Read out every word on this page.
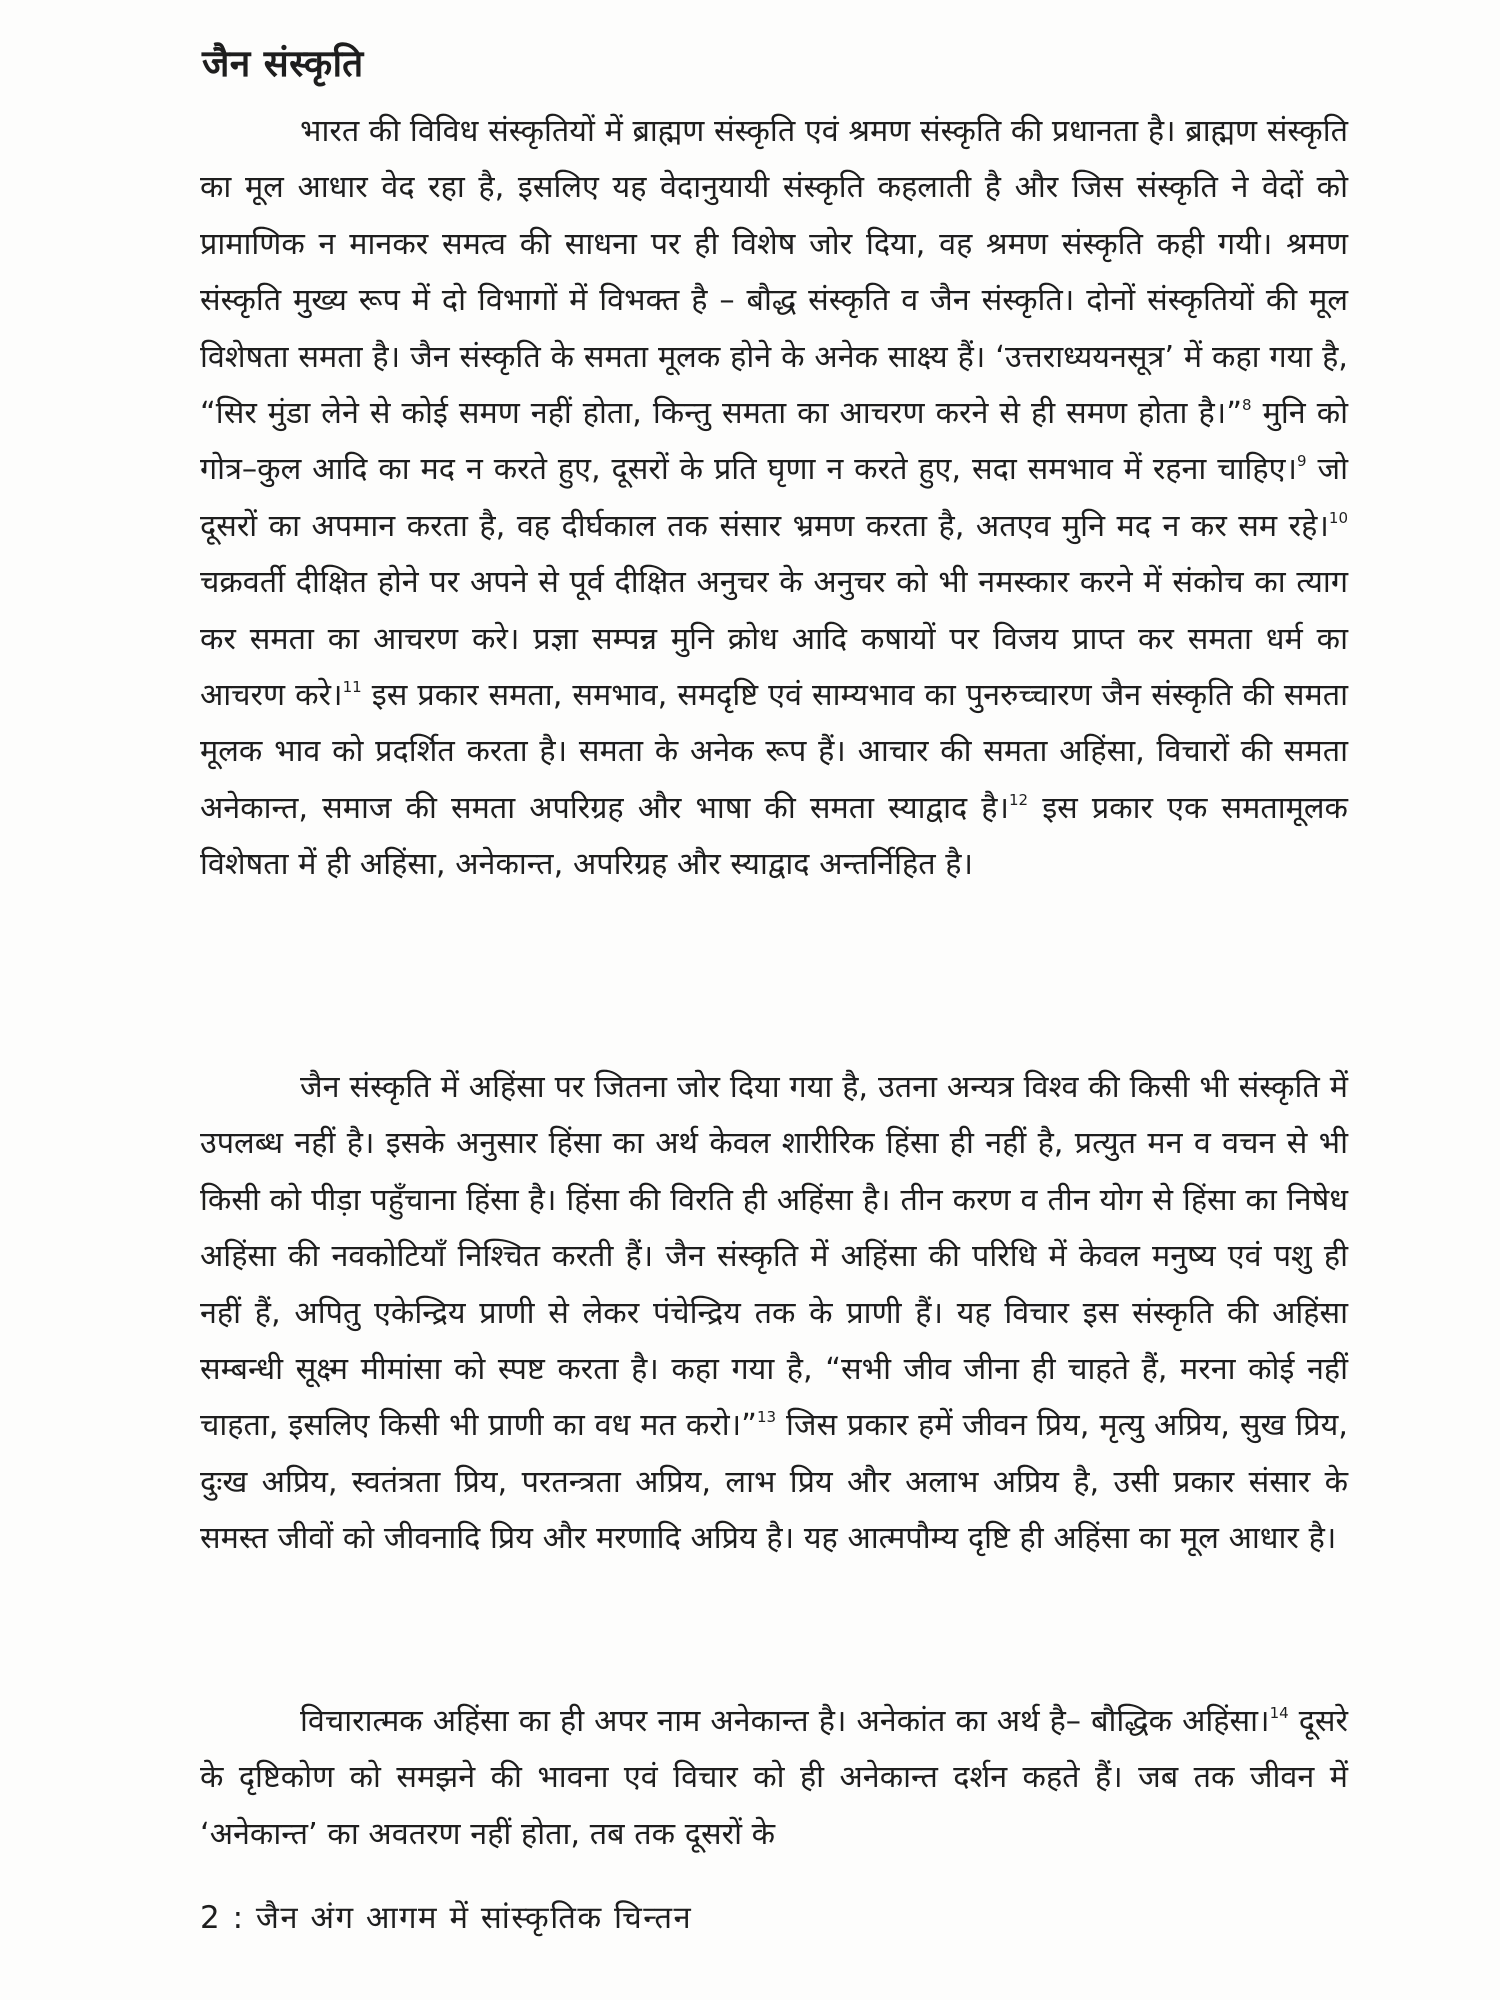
जैन संस्कृति

भारत की विविध संस्कृतियों में ब्राह्मण संस्कृति एवं श्रमण संस्कृति की प्रधानता है। ब्राह्मण संस्कृति का मूल आधार वेद रहा है, इसलिए यह वेदानुयायी संस्कृति कहलाती है और जिस संस्कृति ने वेदों को प्रामाणिक न मानकर समत्व की साधना पर ही विशेष जोर दिया, वह श्रमण संस्कृति कही गयी। श्रमण संस्कृति मुख्य रूप में दो विभागों में विभक्त है – बौद्ध संस्कृति व जैन संस्कृति। दोनों संस्कृतियों की मूल विशेषता समता है। जैन संस्कृति के समता मूलक होने के अनेक साक्ष्य हैं। ‘उत्तराध्ययनसूत्र’ में कहा गया है, “सिर मुंडा लेने से कोई समण नहीं होता, किन्तु समता का आचरण करने से ही समण होता है।”$^8$ मुनि को गोत्र–कुल आदि का मद न करते हुए, दूसरों के प्रति घृणा न करते हुए, सदा समभाव में रहना चाहिए।$^9$ जो दूसरों का अपमान करता है, वह दीर्घकाल तक संसार भ्रमण करता है, अतएव मुनि मद न कर सम रहे।$^{10}$ चक्रवर्ती दीक्षित होने पर अपने से पूर्व दीक्षित अनुचर के अनुचर को भी नमस्कार करने में संकोच का त्याग कर समता का आचरण करे। प्रज्ञा सम्पन्न मुनि क्रोध आदि कषायों पर विजय प्राप्त कर समता धर्म का आचरण करे।$^{11}$ इस प्रकार समता, समभाव, समदृष्टि एवं साम्यभाव का पुनरुच्चारण जैन संस्कृति की समता मूलक भाव को प्रदर्शित करता है। समता के अनेक रूप हैं। आचार की समता अहिंसा, विचारों की समता अनेकान्त, समाज की समता अपरिग्रह और भाषा की समता स्याद्वाद है।$^{12}$ इस प्रकार एक समतामूलक विशेषता में ही अहिंसा, अनेकान्त, अपरिग्रह और स्याद्वाद अन्तर्निहित है।

जैन संस्कृति में अहिंसा पर जितना जोर दिया गया है, उतना अन्यत्र विश्व की किसी भी संस्कृति में उपलब्ध नहीं है। इसके अनुसार हिंसा का अर्थ केवल शारीरिक हिंसा ही नहीं है, प्रत्युत मन व वचन से भी किसी को पीड़ा पहुँचाना हिंसा है। हिंसा की विरति ही अहिंसा है। तीन करण व तीन योग से हिंसा का निषेध अहिंसा की नवकोटियाँ निश्चित करती हैं। जैन संस्कृति में अहिंसा की परिधि में केवल मनुष्य एवं पशु ही नहीं हैं, अपितु एकेन्द्रिय प्राणी से लेकर पंचेन्द्रिय तक के प्राणी हैं। यह विचार इस संस्कृति की अहिंसा सम्बन्धी सूक्ष्म मीमांसा को स्पष्ट करता है। कहा गया है, “सभी जीव जीना ही चाहते हैं, मरना कोई नहीं चाहता, इसलिए किसी भी प्राणी का वध मत करो।”$^{13}$ जिस प्रकार हमें जीवन प्रिय, मृत्यु अप्रिय, सुख प्रिय, दुःख अप्रिय, स्वतंत्रता प्रिय, परतन्त्रता अप्रिय, लाभ प्रिय और अलाभ अप्रिय है, उसी प्रकार संसार के समस्त जीवों को जीवनादि प्रिय और मरणादि अप्रिय है। यह आत्मपौम्य दृष्टि ही अहिंसा का मूल आधार है।

विचारात्मक अहिंसा का ही अपर नाम अनेकान्त है। अनेकांत का अर्थ है– बौद्धिक अहिंसा।$^{14}$ दूसरे के दृष्टिकोण को समझने की भावना एवं विचार को ही अनेकान्त दर्शन कहते हैं। जब तक जीवन में ‘अनेकान्त’ का अवतरण नहीं होता, तब तक दूसरों के

2 : जैन अंग आगम में सांस्कृतिक चिन्तन
